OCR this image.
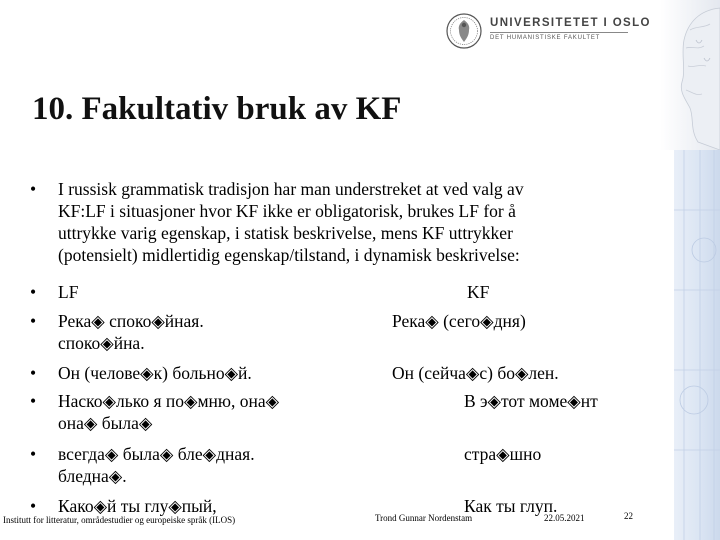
UNIVERSITETET I OSLO
DET HUMANISTISKE FAKULTET
10. Fakultativ bruk av KF
•	I russisk grammatisk tradisjon har man understreket at ved valg av
KF:LF i situasjoner hvor KF ikke er obligatorisk, brukes LF for å
uttrykke varig egenskap, i statisk beskrivelse, mens KF uttrykker
(potensielt) midlertidig egenskap/tilstand, i dynamisk beskrivelse:
•	LF	KF
•	Река◈ споко◈йная.	Река◈ (сего◈дня)
споко◈йна.
•	Он (челове◈к) больно◈й.	Он (сейча◈с) бо◈лен.
•	Наско◈лько я по◈мню, она◈	В э◈тот моме◈нт
она◈ была◈
•	всегда◈ была◈ бле◈дная.	стра◈шно
бледна◈.
•	Како◈й ты глу◈пый,	Как ты глуп.
Institutt for litteratur, områdestudier og europeiske språk (ILOS)	Trond Gunnar Nordenstam	22.05.2021	22
